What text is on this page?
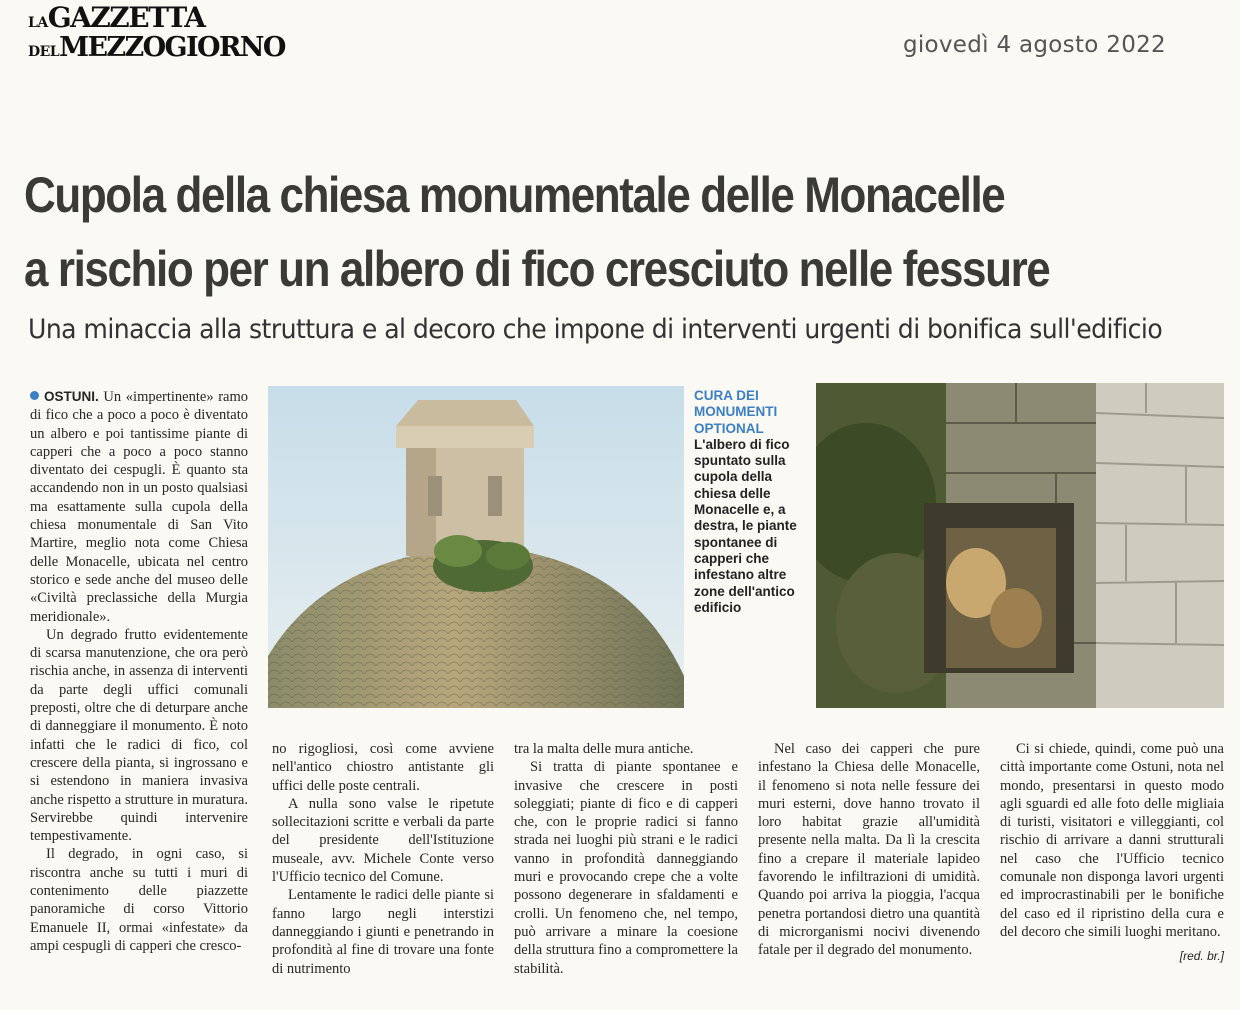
LAGAZZETTA
DELMEZZOGIORNO	giovedì 4 agosto 2022
Cupola della chiesa monumentale delle Monacelle
a rischio per un albero di fico cresciuto nelle fessure
Una minaccia alla struttura e al decoro che impone di interventi urgenti di bonifica sull'edificio
CURA DEI MONUMENTI OPTIONAL
L'albero di fico spuntato sulla cupola della chiesa delle Monacelle e, a destra, le piante spontanee di capperi che infestano altre zone dell'antico edificio

OSTUNI. Un «impertinente» ramo di fico che a poco a poco è diventato un albero e poi tantissime piante di capperi che a poco a poco stanno diventato dei cespugli. È quanto sta accandendo non in un posto qualsiasi ma esattamente sulla cupola della chiesa monumentale di San Vito Martire, meglio nota come Chiesa delle Monacelle, ubicata nel centro storico e sede anche del museo delle «Civiltà preclassiche della Murgia meridionale».

Un degrado frutto evidentemente di scarsa manutenzione, che ora però rischia anche, in assenza di interventi da parte degli uffici comunali preposti, oltre che di deturpare anche di danneggiare il monumento. È noto infatti che le radici di fico, col crescere della pianta, si ingrossano e si estendono in maniera invasiva anche rispetto a strutture in muratura. Servirebbe quindi intervenire tempestivamente.

Il degrado, in ogni caso, si riscontra anche su tutti i muri di contenimento delle piazzette panoramiche di corso Vittorio Emanuele II, ormai «infestate» da ampi cespugli di capperi che cresco-

no rigogliosi, così come avviene nell'antico chiostro antistante gli uffici delle poste centrali.

A nulla sono valse le ripetute sollecitazioni scritte e verbali da parte del presidente dell'Istituzione museale, avv. Michele Conte verso l'Ufficio tecnico del Comune.

Lentamente le radici delle piante si fanno largo negli interstizi danneggiando i giunti e penetrando in profondità al fine di trovare una fonte di nutrimento

tra la malta delle mura antiche.

Si tratta di piante spontanee e invasive che crescere in posti soleggiati; piante di fico e di capperi che, con le proprie radici si fanno strada nei luoghi più strani e le radici vanno in profondità danneggiando muri e provocando crepe che a volte possono degenerare in sfaldamenti e crolli. Un fenomeno che, nel tempo, può arrivare a minare la coesione della struttura fino a compromettere la stabilità.

Nel caso dei capperi che pure infestano la Chiesa delle Monacelle, il fenomeno si nota nelle fessure dei muri esterni, dove hanno trovato il loro habitat grazie all'umidità presente nella malta. Da lì la crescita fino a crepare il materiale lapideo favorendo le infiltrazioni di umidità. Quando poi arriva la pioggia, l'acqua penetra portandosi dietro una quantità di microrganismi nocivi divenendo fatale per il degrado del monumento.

Ci si chiede, quindi, come può una città importante come Ostuni, nota nel mondo, presentarsi in questo modo agli sguardi ed alle foto delle migliaia di turisti, visitatori e villeggianti, col rischio di arrivare a danni strutturali nel caso che l'Ufficio tecnico comunale non disponga lavori urgenti ed improcrastinabili per le bonifiche del caso ed il ripristino della cura e del decoro che simili luoghi meritano.

[red. br.]
